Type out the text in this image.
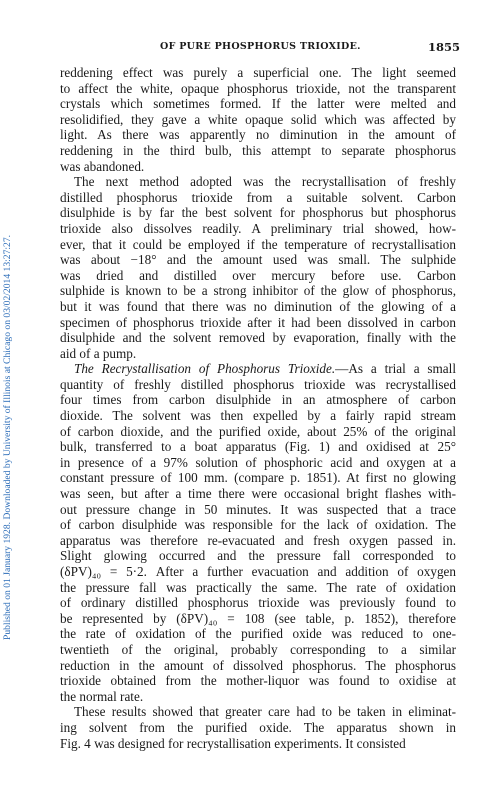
Published on 01 January 1928. Downloaded by University of Illinois at Chicago on 03/02/2014 13:27:27.
OF PURE PHOSPHORUS TRIOXIDE.	1855
reddening effect was purely a superficial one. The light seemed
to affect the white, opaque phosphorus trioxide, not the transparent
crystals which sometimes formed. If the latter were melted and
resolidified, they gave a white opaque solid which was affected by
light. As there was apparently no diminution in the amount of
reddening in the third bulb, this attempt to separate phosphorus
was abandoned.
The next method adopted was the recrystallisation of freshly
distilled phosphorus trioxide from a suitable solvent. Carbon
disulphide is by far the best solvent for phosphorus but phosphorus
trioxide also dissolves readily. A preliminary trial showed, how-
ever, that it could be employed if the temperature of recrystallisation
was about −18° and the amount used was small. The sulphide
was dried and distilled over mercury before use. Carbon
sulphide is known to be a strong inhibitor of the glow of phosphorus,
but it was found that there was no diminution of the glowing of a
specimen of phosphorus trioxide after it had been dissolved in carbon
disulphide and the solvent removed by evaporation, finally with the
aid of a pump.
The Recrystallisation of Phosphorus Trioxide.—As a trial a small
quantity of freshly distilled phosphorus trioxide was recrystallised
four times from carbon disulphide in an atmosphere of carbon
dioxide. The solvent was then expelled by a fairly rapid stream
of carbon dioxide, and the purified oxide, about 25% of the original
bulk, transferred to a boat apparatus (Fig. 1) and oxidised at 25°
in presence of a 97% solution of phosphoric acid and oxygen at a
constant pressure of 100 mm. (compare p. 1851). At first no glowing
was seen, but after a time there were occasional bright flashes with-
out pressure change in 50 minutes. It was suspected that a trace
of carbon disulphide was responsible for the lack of oxidation. The
apparatus was therefore re-evacuated and fresh oxygen passed in.
Slight glowing occurred and the pressure fall corresponded to
(δPV)₄₀ = 5·2. After a further evacuation and addition of oxygen
the pressure fall was practically the same. The rate of oxidation
of ordinary distilled phosphorus trioxide was previously found to
be represented by (δPV)₄₀ = 108 (see table, p. 1852), therefore
the rate of oxidation of the purified oxide was reduced to one-
twentieth of the original, probably corresponding to a similar
reduction in the amount of dissolved phosphorus. The phosphorus
trioxide obtained from the mother-liquor was found to oxidise at
the normal rate.
These results showed that greater care had to be taken in eliminat-
ing solvent from the purified oxide. The apparatus shown in
Fig. 4 was designed for recrystallisation experiments. It consisted
